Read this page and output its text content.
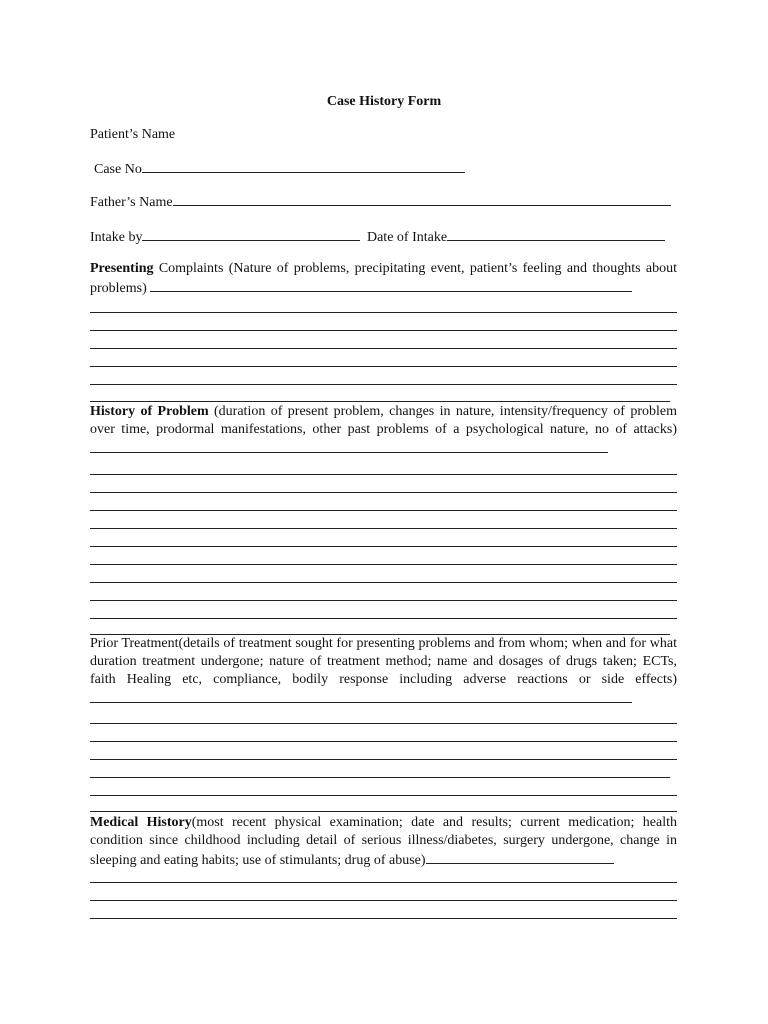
Case History Form
Patient’s Name
Case No
Father’s Name
Intake by	Date of Intake
Presenting Complaints (Nature of problems, precipitating event, patient’s feeling and thoughts about problems)
History of Problem (duration of present problem, changes in nature, intensity/frequency of problem over time, prodormal manifestations, other past problems of a psychological nature, no of attacks)
Prior Treatment(details of treatment sought for presenting problems and from whom; when and for what duration treatment undergone; nature of treatment method; name and dosages of drugs taken; ECTs, faith Healing etc, compliance, bodily response including adverse reactions or side effects)
Medical History(most recent physical examination; date and results; current medication; health condition since childhood including detail of serious illness/diabetes, surgery undergone, change in sleeping and eating habits; use of stimulants; drug of abuse)
